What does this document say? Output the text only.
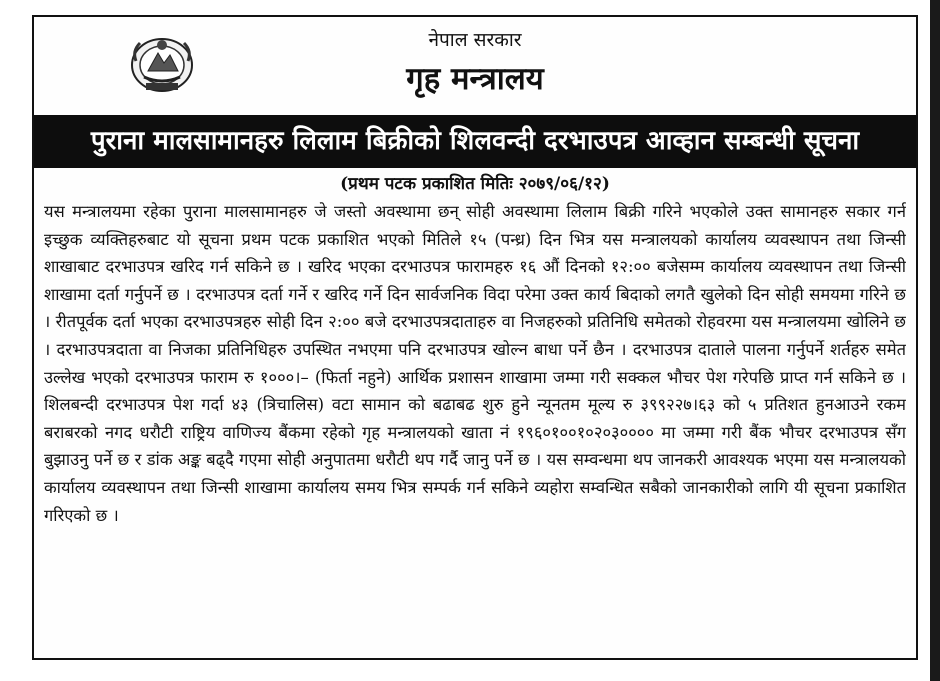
नेपाल सरकार
गृह मन्त्रालय
पुराना मालसामानहरु लिलाम बिक्रीको शिलवन्दी दरभाउपत्र आव्हान सम्बन्धी सूचना
(प्रथम पटक प्रकाशित मितिः २०७९/०६/१२)
यस मन्त्रालयमा रहेका पुराना मालसामानहरु जे जस्तो अवस्थामा छन् सोही अवस्थामा लिलाम बिक्री गरिने भएकोले उक्त सामानहरु सकार गर्न इच्छुक व्यक्तिहरुबाट यो सूचना प्रथम पटक प्रकाशित भएको मितिले १५ (पन्ध्र) दिन भित्र यस मन्त्रालयको कार्यालय व्यवस्थापन तथा जिन्सी शाखाबाट दरभाउपत्र खरिद गर्न सकिने छ । खरिद भएका दरभाउपत्र फारामहरु १६ औं दिनको १२:०० बजेसम्म कार्यालय व्यवस्थापन तथा जिन्सी शाखामा दर्ता गर्नुपर्ने छ । दरभाउपत्र दर्ता गर्ने र खरिद गर्ने दिन सार्वजनिक विदा परेमा उक्त कार्य बिदाको लगतै खुलेको दिन सोही समयमा गरिने छ । रीतपूर्वक दर्ता भएका दरभाउपत्रहरु सोही दिन २:०० बजे दरभाउपत्रदाताहरु वा निजहरुको प्रतिनिधि समेतको रोहवरमा यस मन्त्रालयमा खोलिने छ । दरभाउपत्रदाता वा निजका प्रतिनिधिहरु उपस्थित नभएमा पनि दरभाउपत्र खोल्न बाधा पर्ने छैन । दरभाउपत्र दाताले पालना गर्नुपर्ने शर्तहरु समेत उल्लेख भएको दरभाउपत्र फाराम रु १०००।– (फिर्ता नहुने) आर्थिक प्रशासन शाखामा जम्मा गरी सक्कल भौचर पेश गरेपछि प्राप्त गर्न सकिने छ । शिलबन्दी दरभाउपत्र पेश गर्दा ४३ (त्रिचालिस) वटा सामान को बढाबढ शुरु हुने न्यूनतम मूल्य रु ३९९२२७।६३ को ५ प्रतिशत हुनआउने रकम बराबरको नगद धरौटी राष्ट्रिय वाणिज्य बैंकमा रहेको गृह मन्त्रालयको खाता नं १९६०१००१०२०३०००० मा जम्मा गरी बैंक भौचर दरभाउपत्र सँग बुझाउनु पर्ने छ र डांक अङ्क बढ्दै गएमा सोही अनुपातमा धरौटी थप गर्दै जानु पर्ने छ । यस सम्वन्धमा थप जानकरी आवश्यक भएमा यस मन्त्रालयको कार्यालय व्यवस्थापन तथा जिन्सी शाखामा कार्यालय समय भित्र सम्पर्क गर्न सकिने व्यहोरा सम्वन्धित सबैको जानकारीको लागि यी सूचना प्रकाशित गरिएको छ ।
